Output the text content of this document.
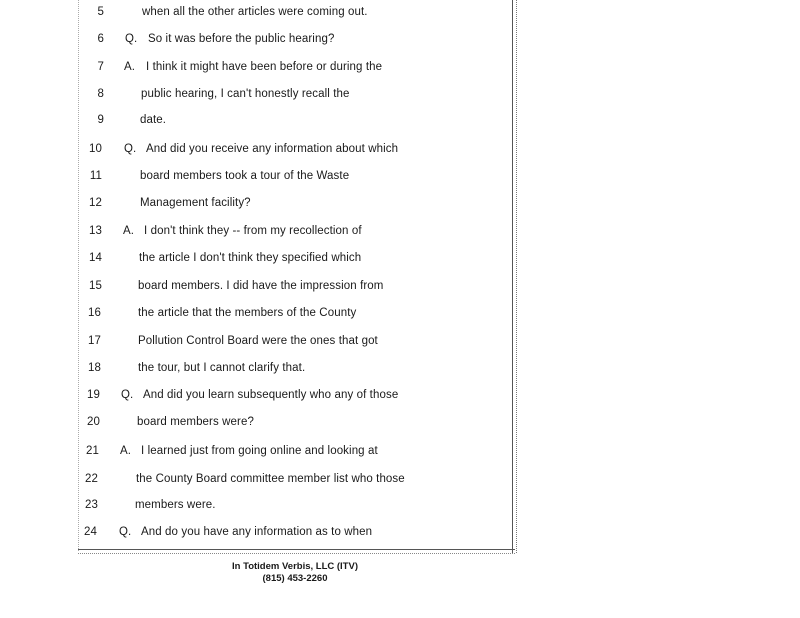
5	when all the other articles were coming out.
6 Q. So it was before the public hearing?
7 A. I think it might have been before or during the
8	public hearing, I can't honestly recall the
9	date.
10 Q. And did you receive any information about which
11	board members took a tour of the Waste
12	Management facility?
13 A. I don't think they -- from my recollection of
14	the article I don't think they specified which
15	board members. I did have the impression from
16	the article that the members of the County
17	Pollution Control Board were the ones that got
18	the tour, but I cannot clarify that.
19 Q. And did you learn subsequently who any of those
20	board members were?
21 A. I learned just from going online and looking at
22	the County Board committee member list who those
23	members were.
24 Q. And do you have any information as to when
In Totidem Verbis, LLC (ITV)
(815) 453-2260
